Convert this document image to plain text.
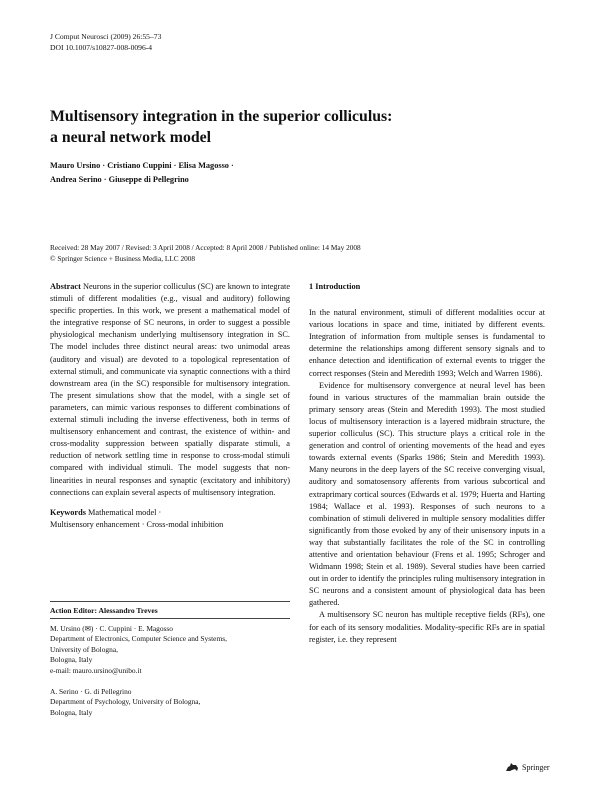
J Comput Neurosci (2009) 26:55–73
DOI 10.1007/s10827-008-0096-4
Multisensory integration in the superior colliculus:
a neural network model
Mauro Ursino · Cristiano Cuppini · Elisa Magosso ·
Andrea Serino · Giuseppe di Pellegrino
Received: 28 May 2007 / Revised: 3 April 2008 / Accepted: 8 April 2008 / Published online: 14 May 2008
© Springer Science + Business Media, LLC 2008

Abstract Neurons in the superior colliculus (SC) are known to integrate stimuli of different modalities (e.g., visual and auditory) following specific properties. In this work, we present a mathematical model of the integrative response of SC neurons, in order to suggest a possible physiological mechanism underlying multisensory integration in SC. The model includes three distinct neural areas: two unimodal areas (auditory and visual) are devoted to a topological representation of external stimuli, and communicate via synaptic connections with a third downstream area (in the SC) responsible for multisensory integration. The present simulations show that the model, with a single set of parameters, can mimic various responses to different combinations of external stimuli including the inverse effectiveness, both in terms of multisensory enhancement and contrast, the existence of within- and cross-modality suppression between spatially disparate stimuli, a reduction of network settling time in response to cross-modal stimuli compared with individual stimuli. The model suggests that non-linearities in neural responses and synaptic (excitatory and inhibitory) connections can explain several aspects of multisensory integration.

Keywords Mathematical model ·
Multisensory enhancement · Cross-modal inhibition

Action Editor: Alessandro Treves
M. Ursino (✉) · C. Cuppini · E. Magosso
Department of Electronics, Computer Science and Systems,
University of Bologna,
Bologna, Italy
e-mail: mauro.ursino@unibo.it
A. Serino · G. di Pellegrino
Department of Psychology, University of Bologna,
Bologna, Italy
1 Introduction

In the natural environment, stimuli of different modalities occur at various locations in space and time, initiated by different events. Integration of information from multiple senses is fundamental to determine the relationships among different sensory signals and to enhance detection and identification of external events to trigger the correct responses (Stein and Meredith 1993; Welch and Warren 1986).

Evidence for multisensory convergence at neural level has been found in various structures of the mammalian brain outside the primary sensory areas (Stein and Meredith 1993). The most studied locus of multisensory interaction is a layered midbrain structure, the superior colliculus (SC). This structure plays a critical role in the generation and control of orienting movements of the head and eyes towards external events (Sparks 1986; Stein and Meredith 1993). Many neurons in the deep layers of the SC receive converging visual, auditory and somatosensory afferents from various subcortical and extraprimary cortical sources (Edwards et al. 1979; Huerta and Harting 1984; Wallace et al. 1993). Responses of such neurons to a combination of stimuli delivered in multiple sensory modalities differ significantly from those evoked by any of their unisensory inputs in a way that substantially facilitates the role of the SC in controlling attentive and orientation behaviour (Frens et al. 1995; Schroger and Widmann 1998; Stein et al. 1989). Several studies have been carried out in order to identify the principles ruling multisensory integration in SC neurons and a consistent amount of physiological data has been gathered.

A multisensory SC neuron has multiple receptive fields (RFs), one for each of its sensory modalities. Modality-specific RFs are in spatial register, i.e. they represent

Springer
